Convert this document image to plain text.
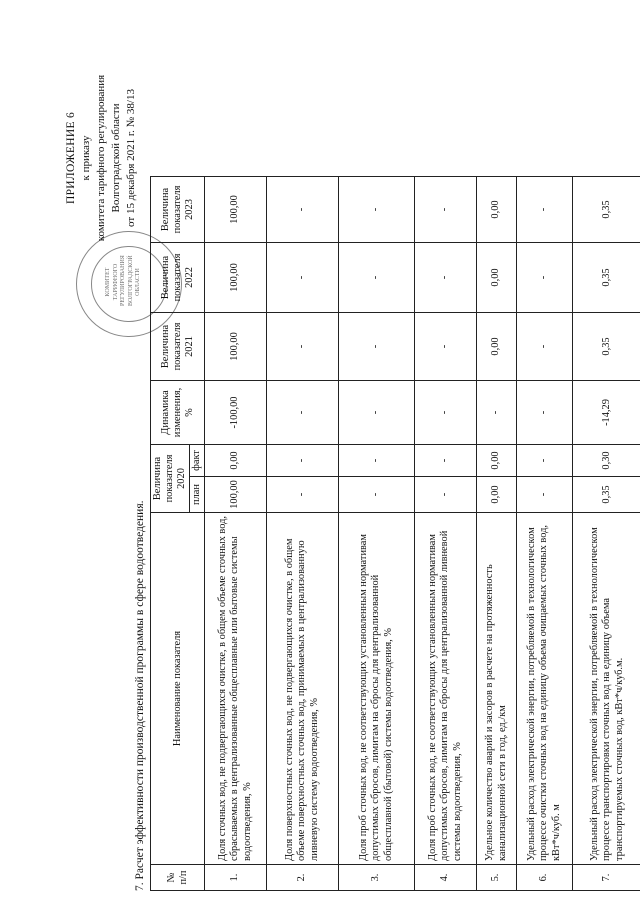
КОМИТЕТ ТАРИФНОГО РЕГУЛИРОВАНИЯ ВОЛГОГРАДСКОЙ ОБЛАСТИ
ПРИЛОЖЕНИЕ 6 к приказу комитета тарифного регулирования Волгоградской области от 15 декабря 2021 г. № 38/13
7. Расчет эффективности производственной программы в сфере водоотведения. № п/п	Наименование показателя	Величина показателя 2020		Динамика изменения, %	Величина показателя 2021	Величина показателя 2022	Величина показателя 2023
		план	факт				
1.	Доля сточных вод, не подвергающихся очистке, в общем объеме сточных вод, сбрасываемых в централизованные общесплавные или бытовые системы водоотведения, %	100,00	0,00	-100,00	100,00	100,00	100,00
2.	Доля поверхностных сточных вод, не подвергающихся очистке, в общем объеме поверхностных сточных вод, принимаемых в централизованную ливневую систему водоотведения, %	-	-	-	-	-	-
3.	Доля проб сточных вод, не соответствующих установленным нормативам допустимых сбросов, лимитам на сбросы для централизованной общесплавной (бытовой) системы водоотведения, %	-	-	-	-	-	-
4.	Доля проб сточных вод, не соответствующих установленным нормативам допустимых сбросов, лимитам на сбросы для централизованной ливневой системы водоотведения, %	-	-	-	-	-	-
5.	Удельное количество аварий и засоров в расчете на протяженность канализационной сети в год, ед./км	0,00	0,00	-	0,00	0,00	0,00
6.	Удельный расход электрической энергии, потребляемой в технологическом процессе очистки сточных вод на единицу объема очищаемых сточных вод, кВт*ч/куб. м	-	-	-	-	-	-
7.	Удельный расход электрической энергии, потребляемой в технологическом процессе транспортировки сточных вод на единицу объема транспортируемых сточных вод, кВт*ч/куб.м.	0,35	0,30	-14,29	0,35	0,35	0,35
